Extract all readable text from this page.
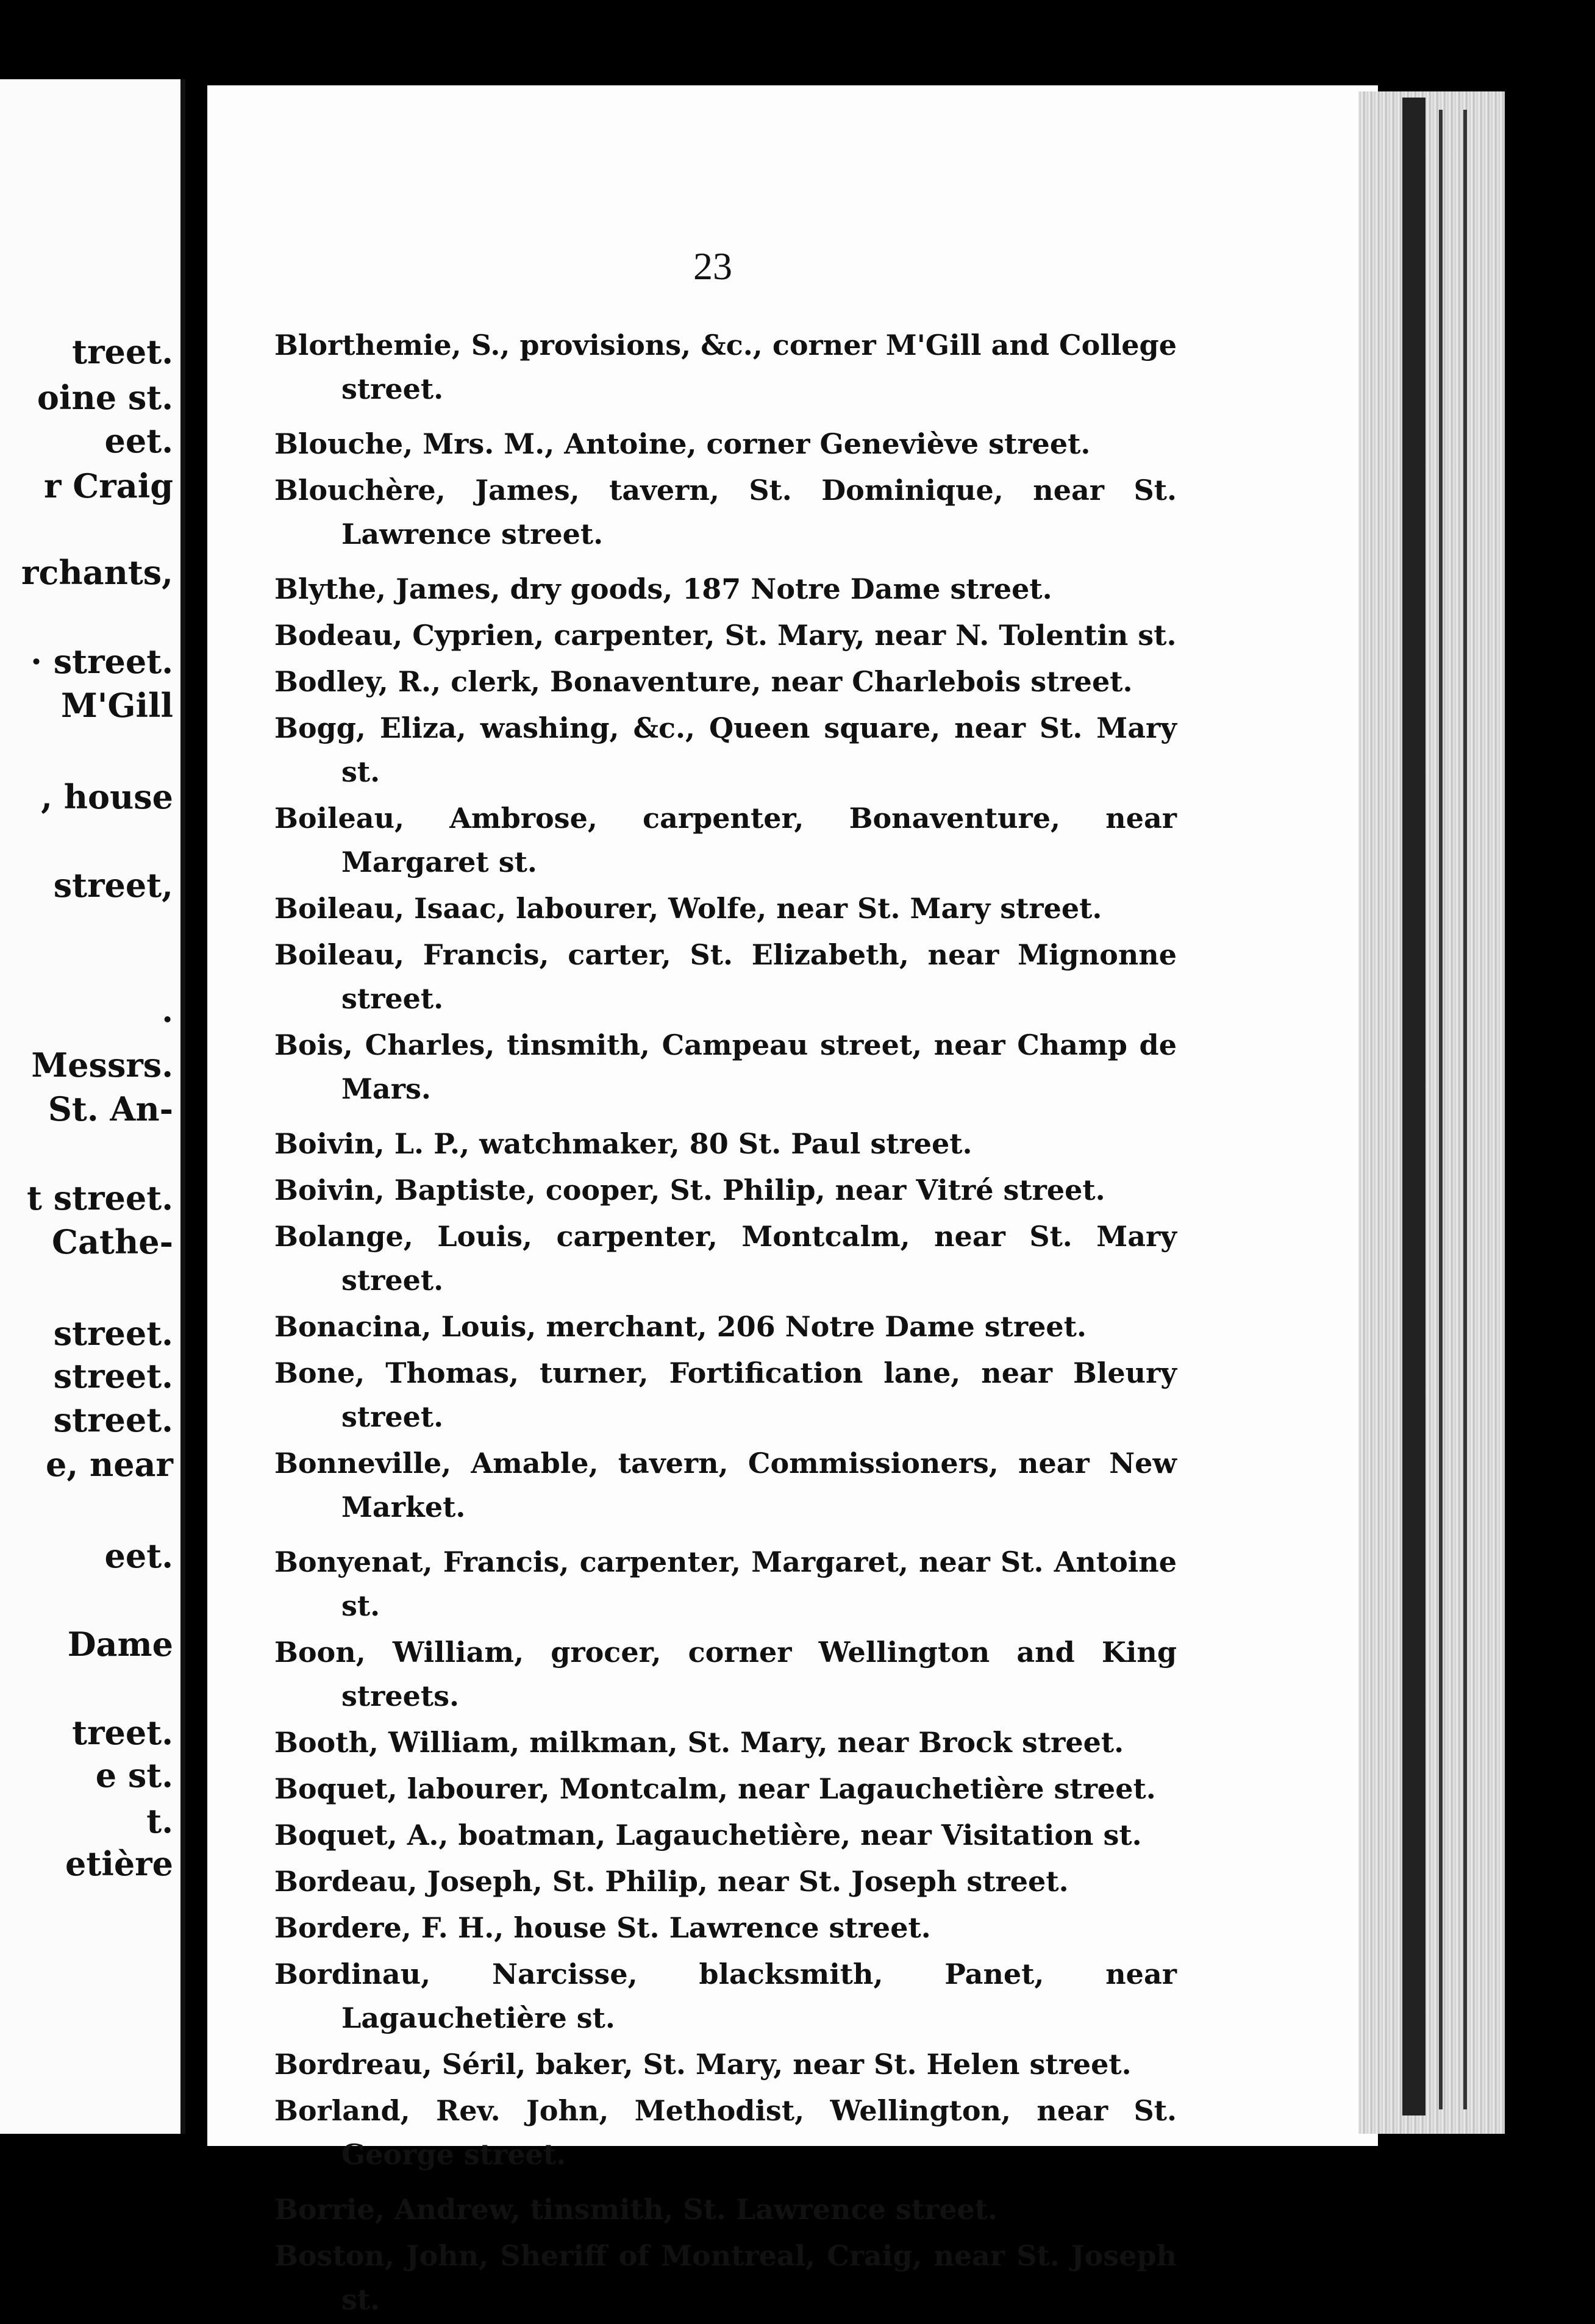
treet.
oine st.
eet.
r Craig
rchants,
· street.
M'Gill
, house
street,
·
Messrs.
St. An-
t street.
Cathe-
street.
street.
street.
e, near
eet.
Dame
treet.
e st.
t.
etière
23
Blorthemie, S., provisions, &c., corner M'Gill and College street.
Blouche, Mrs. M., Antoine, corner Geneviève street.
Blouchère, James, tavern, St. Dominique, near St. Lawrence street.
Blythe, James, dry goods, 187 Notre Dame street.
Bodeau, Cyprien, carpenter, St. Mary, near N. Tolentin st.
Bodley, R., clerk, Bonaventure, near Charlebois street.
Bogg, Eliza, washing, &c., Queen square, near St. Mary st.
Boileau, Ambrose, carpenter, Bonaventure, near Margaret st.
Boileau, Isaac, labourer, Wolfe, near St. Mary street.
Boileau, Francis, carter, St. Elizabeth, near Mignonne street.
Bois, Charles, tinsmith, Campeau street, near Champ de Mars.
Boivin, L. P., watchmaker, 80 St. Paul street.
Boivin, Baptiste, cooper, St. Philip, near Vitré street.
Bolange, Louis, carpenter, Montcalm, near St. Mary street.
Bonacina, Louis, merchant, 206 Notre Dame street.
Bone, Thomas, turner, Fortification lane, near Bleury street.
Bonneville, Amable, tavern, Commissioners, near New Market.
Bonyenat, Francis, carpenter, Margaret, near St. Antoine st.
Boon, William, grocer, corner Wellington and King streets.
Booth, William, milkman, St. Mary, near Brock street.
Boquet, labourer, Montcalm, near Lagauchetière street.
Boquet, A., boatman, Lagauchetière, near Visitation st.
Bordeau, Joseph, St. Philip, near St. Joseph street.
Bordere, F. H., house St. Lawrence street.
Bordinau, Narcisse, blacksmith, Panet, near Lagauchetière st.
Bordreau, Séril, baker, St. Mary, near St. Helen street.
Borland, Rev. John, Methodist, Wellington, near St. George street.
Borrie, Andrew, tinsmith, St. Lawrence street.
Boston, John, Sheriff of Montreal, Craig, near St. Joseph st.
